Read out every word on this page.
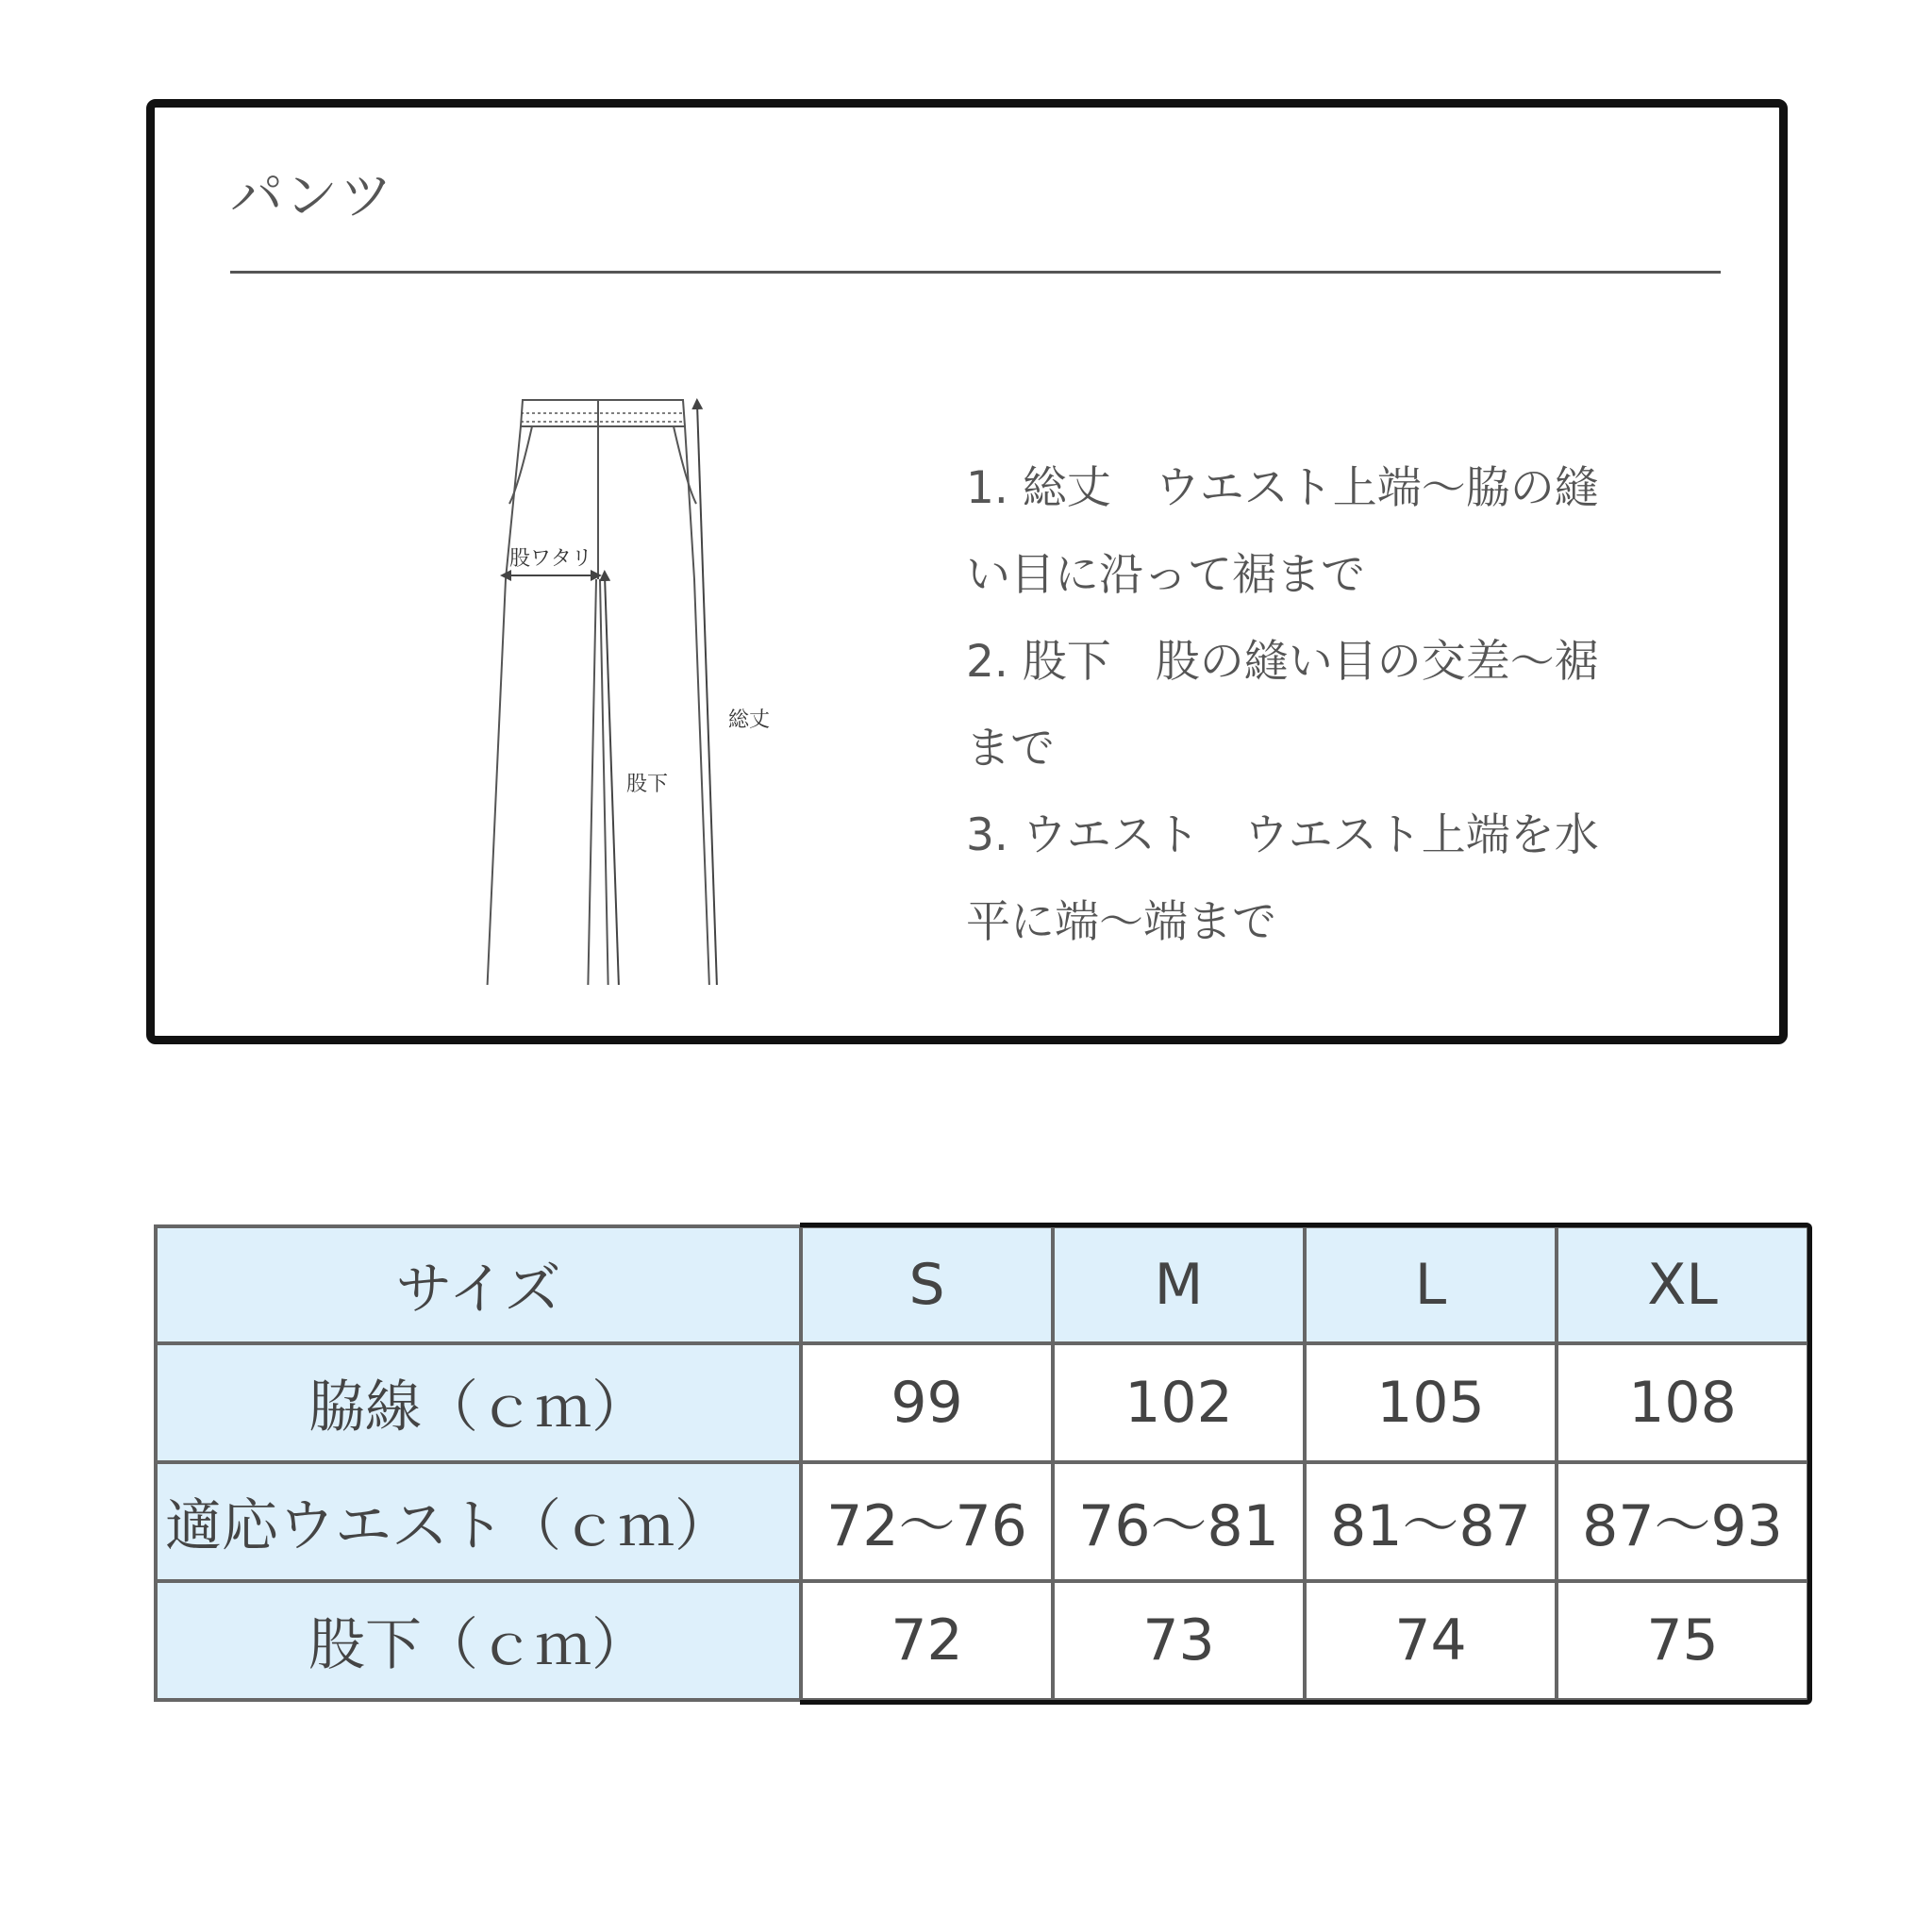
パンツ
股ワタリ
総丈
股下

1. 総丈　ウエスト上端〜脇の縫
い目に沿って裾まで

2. 股下　股の縫い目の交差〜裾
まで

3. ウエスト　ウエスト上端を水
平に端〜端まで

サイズ	S	M	L	XL
脇線（ｃｍ）	99	102	105	108
適応ウエスト（ｃｍ）	72〜76	76〜81	81〜87	87〜93
股下（ｃｍ）	72	73	74	75
